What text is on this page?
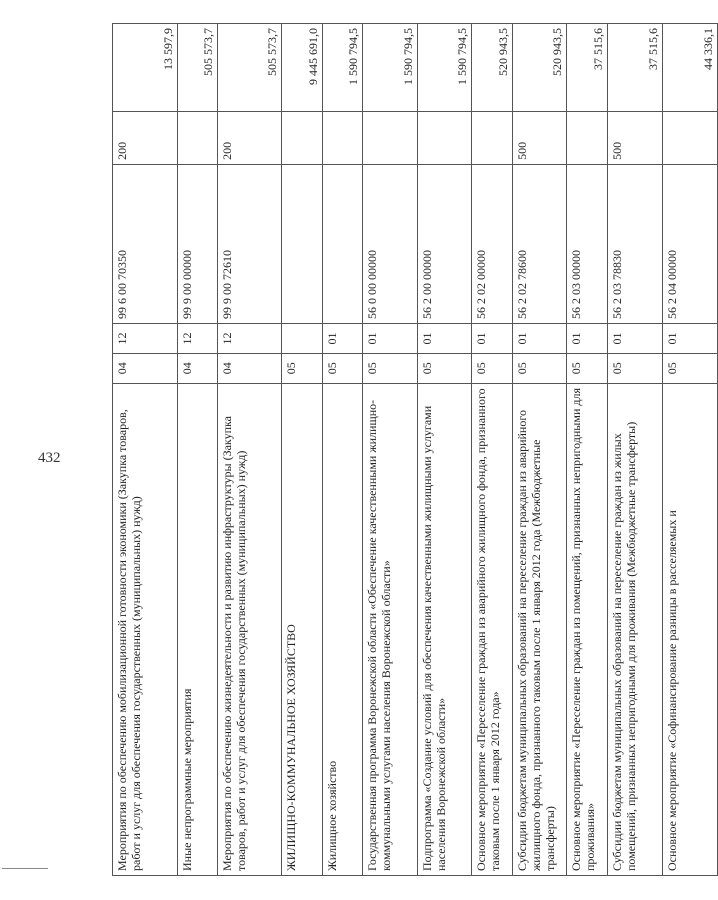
432	Мероприятия по обеспечению мобилизационной готовности экономики (Закупка товаров, работ и услуг для обеспечения государственных (муниципальных) нужд)	04	12	99 6 00 70350	200	13 597,9
Иные непрограммные мероприятия	04	12	99 9 00 00000		505 573,7
Мероприятия по обеспечению жизнедеятельности и развитию инфраструктуры (Закупка товаров, работ и услуг для обеспечения государственных (муниципальных) нужд)	04	12	99 9 00 72610	200	505 573,7
ЖИЛИЩНО-КОММУНАЛЬНОЕ ХОЗЯЙСТВО	05				9 445 691,0
Жилищное хозяйство	05	01			1 590 794,5
Государственная программа Воронежской области «Обеспечение качественными жилищно-коммунальными услугами населения Воронежской области»	05	01	56 0 00 00000		1 590 794,5
Подпрограмма «Создание условий для обеспечения качественными жилищными услугами населения Воронежской области»	05	01	56 2 00 00000		1 590 794,5
Основное мероприятие «Переселение граждан из аварийного жилищного фонда, признанного таковым после 1 января 2012 года»	05	01	56 2 02 00000		520 943,5
Субсидии бюджетам муниципальных образований на переселение граждан из аварийного жилищного фонда, признанного таковым после 1 января 2012 года (Межбюджетные трансферты)	05	01	56 2 02 78600	500	520 943,5
Основное мероприятие «Переселение граждан из помещений, признанных непригодными для проживания»	05	01	56 2 03 00000		37 515,6
Субсидии бюджетам муниципальных образований на переселение граждан из жилых помещений, признанных непригодными для проживания (Межбюджетные трансферты)	05	01	56 2 03 78830	500	37 515,6
Основное мероприятие «Софинансирование разницы в расселяемых и	05	01	56 2 04 00000		44 336,1
